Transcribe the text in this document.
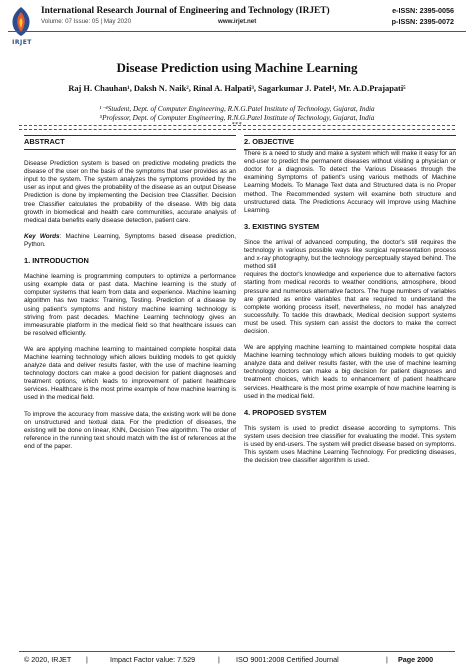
IRJET
International Research Journal of Engineering and Technology (IRJET)
Volume: 07 Issue: 05 | May 2020	www.irjet.net
e-ISSN: 2395-0056
p-ISSN: 2395-0072
Disease Prediction using Machine Learning
Raj H. Chauhan¹, Daksh N. Naik², Rinal A. Halpati³, Sagarkumar J. Patel⁴, Mr. A.D.Prajapati⁵
¹⁻⁴Student, Dept. of Computer Engineering, R.N.G.Patel Institute of Technology, Gujarat, India
⁵Professor, Dept. of Computer Engineering, R.N.G.Patel Institute of Technology, Gujarat, India
***

ABSTRACT

Disease Prediction system is based on predictive modeling predicts the disease of the user on the basis of the symptoms that user provides as an input to the system. The system analyzes the symptoms provided by the user as input and gives the probability of the disease as an output Disease Prediction is done by implementing the Decision tree Classifier. Decision tree Classifier calculates the probability of the disease. With big data growth in biomedical and health care communities, accurate analysis of medical data benefits early disease detection, patient care.

Key Words: Machine Learning, Symptoms based disease prediction, Python.

1. INTRODUCTION

Machine learning is programming computers to optimize a performance using example data or past data. Machine learning is the study of computer systems that learn from data and experience. Machine learning algorithm has two tracks: Training, Testing. Prediction of a disease by using patient's symptoms and history machine learning technology is striving from past decades. Machine Learning technology gives an immeasurable platform in the medical field so that healthcare issues can be resolved efficiently.

We are applying machine learning to maintained complete hospital data Machine learning technology which allows building models to get quickly analyze data and deliver results faster, with the use of machine learning technology doctors can make a good decision for patient diagnoses and treatment options, which leads to improvement of patient healthcare services. Healthcare is the most prime example of how machine learning is used in the medical field.

To improve the accuracy from massive data, the existing work will be done on unstructured and textual data. For the prediction of diseases, the existing will be done on linear, KNN, Decision Tree algorithm. The order of reference in the running text should match with the list of references at the end of the paper.

2. OBJECTIVE

There is a need to study and make a system which will make it easy for an end-user to predict the permanent diseases without visiting a physician or doctor for a diagnosis. To detect the Various Diseases through the examining Symptoms of patient's using various methods of Machine Learning Models. To Manage Text data and Structured data is no Proper method. The Recommended system will examine both structure and unstructured data. The Predictions Accuracy will Improve using Machine Learning.

3. EXISTING SYSTEM

Since the arrival of advanced computing, the doctor's still requires the technology in various possible ways like surgical representation process and x-ray photography, but the technology perceptually stayed behind. The method still

requires the doctor's knowledge and experience due to alternative factors starting from medical records to weather conditions, atmosphere, blood pressure and numerous alternative factors. The huge numbers of variables are granted as entire variables that are required to understand the complete working process itself, nevertheless, no model has analyzed successfully. To tackle this drawback, Medical decision support systems must be used. This system can assist the doctors to make the correct decision.

We are applying machine learning to maintained complete hospital data Machine learning technology which allows building models to get quickly analyze data and deliver results faster, with the use of machine learning technology doctors can make a big decision for patient diagnoses and treatment choices, which leads to enhancement of patient healthcare services. Healthcare is the most prime example of how machine learning is used in the medical field.

4. PROPOSED SYSTEM

This system is used to predict disease according to symptoms. This system uses decision tree classifier for evaluating the model. This system is used by end-users. The system will predict disease based on symptoms. This system uses Machine Learning Technology. For predicting diseases, the decision tree classifier algorithm is used.

© 2020, IRJET |	Impact Factor value: 7.529	| ISO 9001:2008 Certified Journal	| Page 2000
